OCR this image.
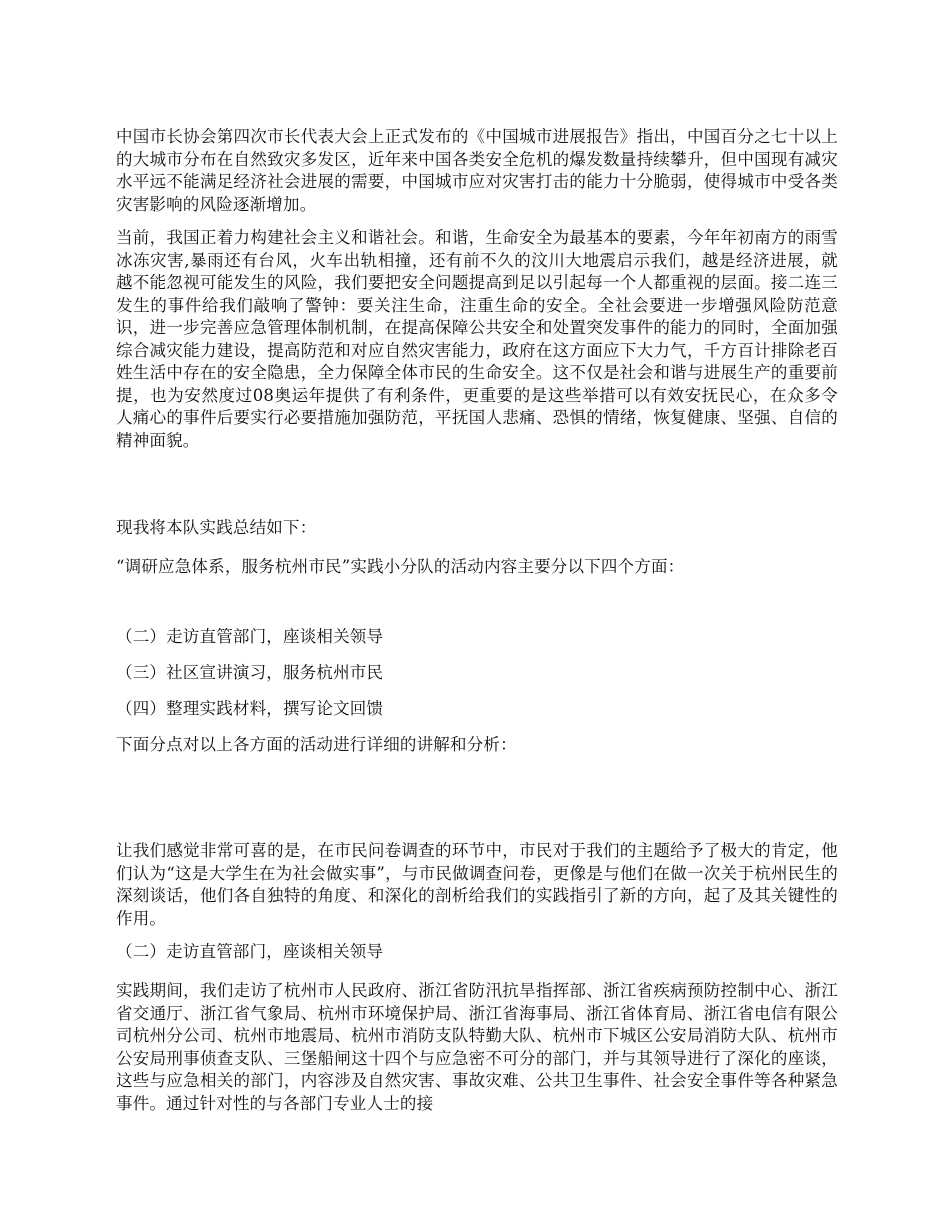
中国市长协会第四次市长代表大会上正式发布的《中国城市进展报告》指出，中国百分之七十以上的大城市分布在自然致灾多发区，近年来中国各类安全危机的爆发数量持续攀升，但中国现有减灾水平远不能满足经济社会进展的需要，中国城市应对灾害打击的能力十分脆弱，使得城市中受各类灾害影响的风险逐渐增加。

当前，我国正着力构建社会主义和谐社会。和谐，生命安全为最基本的要素，今年年初南方的雨雪冰冻灾害,暴雨还有台风，火车出轨相撞，还有前不久的汶川大地震启示我们，越是经济进展，就越不能忽视可能发生的风险，我们要把安全问题提高到足以引起每一个人都重视的层面。接二连三发生的事件给我们敲响了警钟：要关注生命，注重生命的安全。全社会要进一步增强风险防范意识，进一步完善应急管理体制机制，在提高保障公共安全和处置突发事件的能力的同时，全面加强综合减灾能力建设，提高防范和对应自然灾害能力，政府在这方面应下大力气，千方百计排除老百姓生活中存在的安全隐患，全力保障全体市民的生命安全。这不仅是社会和谐与进展生产的重要前提，也为安然度过08奥运年提供了有利条件，更重要的是这些举措可以有效安抚民心，在众多令人痛心的事件后要实行必要措施加强防范，平抚国人悲痛、恐惧的情绪，恢复健康、坚强、自信的精神面貌。

现我将本队实践总结如下：

“调研应急体系，服务杭州市民”实践小分队的活动内容主要分以下四个方面：

（二）走访直管部门，座谈相关领导

（三）社区宣讲演习，服务杭州市民

（四）整理实践材料，撰写论文回馈

下面分点对以上各方面的活动进行详细的讲解和分析：

让我们感觉非常可喜的是，在市民问卷调查的环节中，市民对于我们的主题给予了极大的肯定，他们认为“这是大学生在为社会做实事”，与市民做调查问卷，更像是与他们在做一次关于杭州民生的深刻谈话，他们各自独特的角度、和深化的剖析给我们的实践指引了新的方向，起了及其关键性的作用。

（二）走访直管部门，座谈相关领导

实践期间，我们走访了杭州市人民政府、浙江省防汛抗旱指挥部、浙江省疾病预防控制中心、浙江省交通厅、浙江省气象局、杭州市环境保护局、浙江省海事局、浙江省体育局、浙江省电信有限公司杭州分公司、杭州市地震局、杭州市消防支队特勤大队、杭州市下城区公安局消防大队、杭州市公安局刑事侦查支队、三堡船闸这十四个与应急密不可分的部门，并与其领导进行了深化的座谈，这些与应急相关的部门，内容涉及自然灾害、事故灾难、公共卫生事件、社会安全事件等各种紧急事件。通过针对性的与各部门专业人士的接
